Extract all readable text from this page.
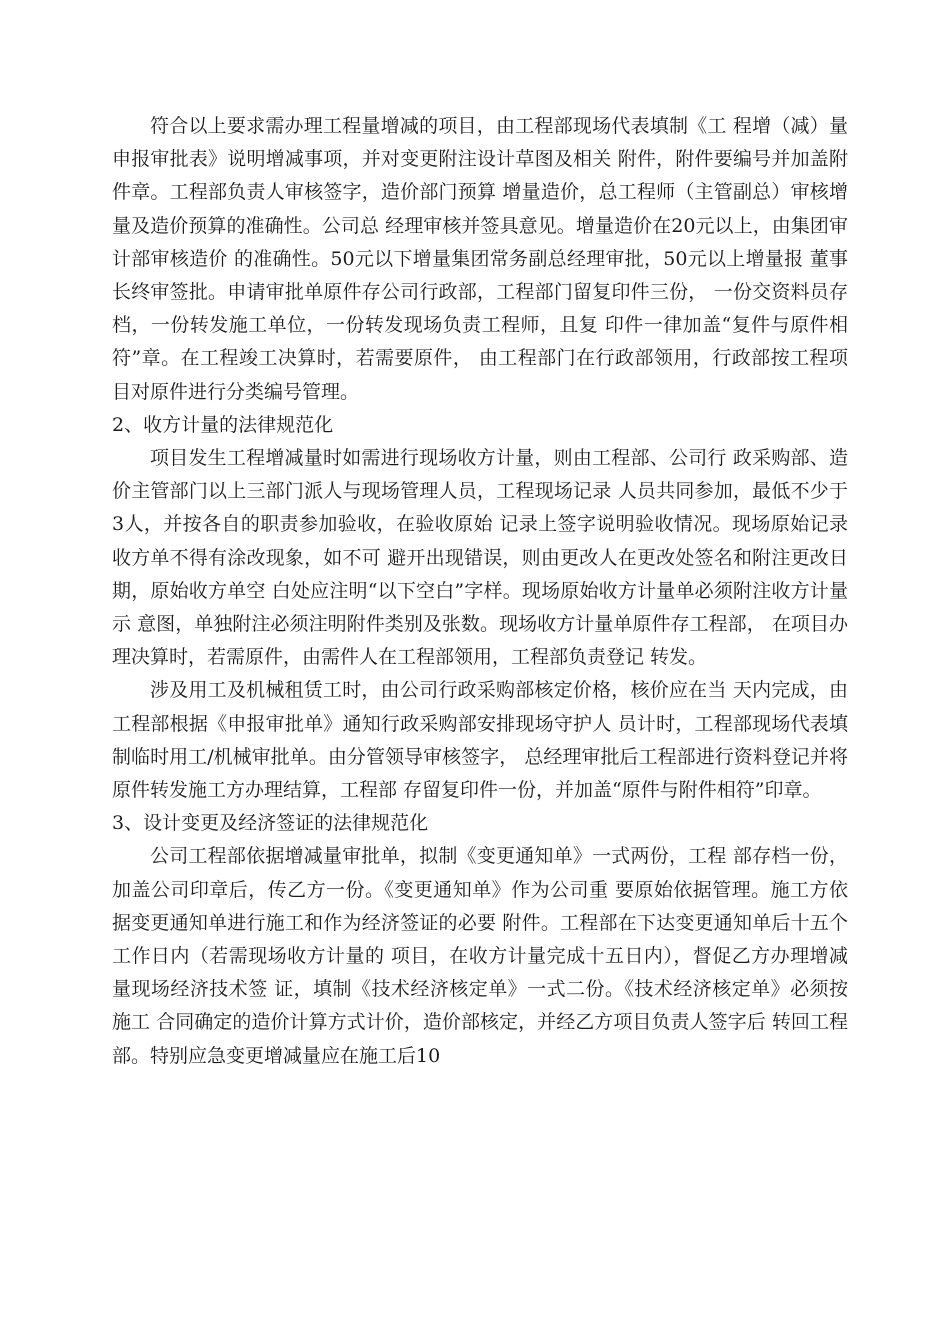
符合以上要求需办理工程量增减的项目，由工程部现场代表填制《工 程增（减）量申报审批表》说明增减事项，并对变更附注设计草图及相关 附件，附件要编号并加盖附件章。工程部负责人审核签字，造价部门预算 增量造价，总工程师（主管副总）审核增量及造价预算的准确性。公司总 经理审核并签具意见。增量造价在20元以上，由集团审计部审核造价 的准确性。50元以下增量集团常务副总经理审批，50元以上增量报 董事长终审签批。申请审批单原件存公司行政部，工程部门留复印件三份， 一份交资料员存档，一份转发施工单位，一份转发现场负责工程师，且复 印件一律加盖“复件与原件相符”章。在工程竣工决算时，若需要原件， 由工程部门在行政部领用，行政部按工程项目对原件进行分类编号管理。

2、收方计量的法律规范化

项目发生工程增减量时如需进行现场收方计量，则由工程部、公司行 政采购部、造价主管部门以上三部门派人与现场管理人员，工程现场记录 人员共同参加，最低不少于3人，并按各自的职责参加验收，在验收原始 记录上签字说明验收情况。现场原始记录收方单不得有涂改现象，如不可 避开出现错误，则由更改人在更改处签名和附注更改日期，原始收方单空 白处应注明“以下空白”字样。现场原始收方计量单必须附注收方计量示 意图，单独附注必须注明附件类别及张数。现场收方计量单原件存工程部， 在项目办理决算时，若需原件，由需件人在工程部领用，工程部负责登记 转发。

涉及用工及机械租赁工时，由公司行政采购部核定价格，核价应在当 天内完成，由工程部根据《申报审批单》通知行政采购部安排现场守护人 员计时，工程部现场代表填制临时用工/机械审批单。由分管领导审核签字， 总经理审批后工程部进行资料登记并将原件转发施工方办理结算，工程部 存留复印件一份，并加盖“原件与附件相符”印章。

3、设计变更及经济签证的法律规范化

公司工程部依据增减量审批单，拟制《变更通知单》一式两份，工程 部存档一份，加盖公司印章后，传乙方一份。《变更通知单》作为公司重 要原始依据管理。施工方依据变更通知单进行施工和作为经济签证的必要 附件。工程部在下达变更通知单后十五个工作日内（若需现场收方计量的 项目，在收方计量完成十五日内），督促乙方办理增减量现场经济技术签 证，填制《技术经济核定单》一式二份。《技术经济核定单》必须按施工 合同确定的造价计算方式计价，造价部核定，并经乙方项目负责人签字后 转回工程部。特别应急变更增减量应在施工后10
